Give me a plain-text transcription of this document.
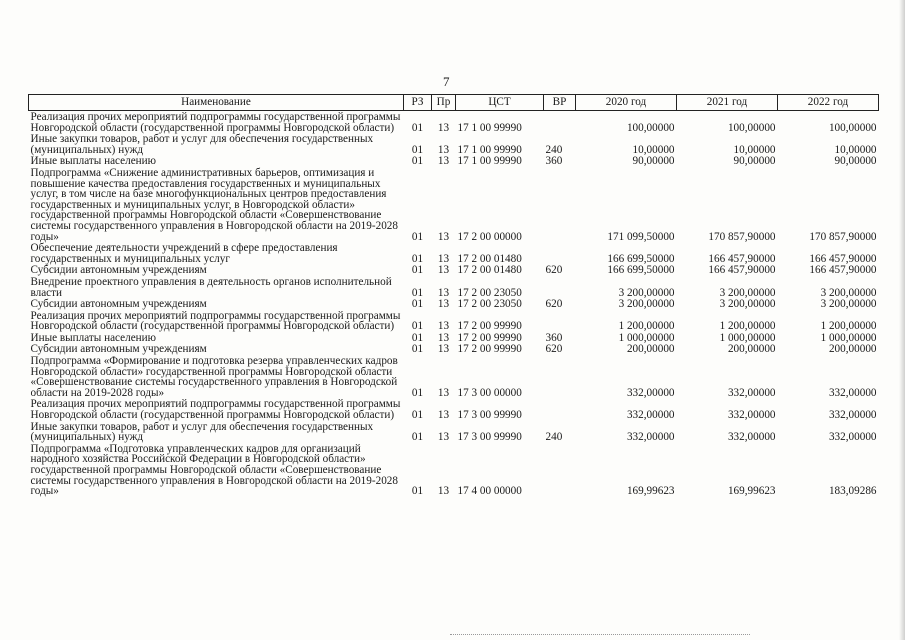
7
Наименование	РЗ	Пр	ЦСТ	ВР	2020 год	2021 год	2022 год
Реализация прочих мероприятий подпрограммы государственной программы Новгородской области (государственной программы Новгородской области)	01	13	17 1 00 99990		100,00000	100,00000	100,00000
Иные закупки товаров, работ и услуг для обеспечения государственных (муниципальных) нужд	01	13	17 1 00 99990	240	10,00000	10,00000	10,00000
Иные выплаты населению	01	13	17 1 00 99990	360	90,00000	90,00000	90,00000
Подпрограмма «Снижение административных барьеров, оптимизация и повышение качества предоставления государственных и муниципальных услуг, в том числе на базе многофункциональных центров предоставления государственных и муниципальных услуг, в Новгородской области» государственной программы Новгородской области «Совершенствование системы государственного управления в Новгородской области на 2019-2028 годы»	01	13	17 2 00 00000		171 099,50000	170 857,90000	170 857,90000
Обеспечение деятельности учреждений в сфере предоставления государственных и муниципальных услуг	01	13	17 2 00 01480		166 699,50000	166 457,90000	166 457,90000
Субсидии автономным учреждениям	01	13	17 2 00 01480	620	166 699,50000	166 457,90000	166 457,90000
Внедрение проектного управления в деятельность органов исполнительной власти	01	13	17 2 00 23050		3 200,00000	3 200,00000	3 200,00000
Субсидии автономным учреждениям	01	13	17 2 00 23050	620	3 200,00000	3 200,00000	3 200,00000
Реализация прочих мероприятий подпрограммы государственной программы Новгородской области (государственной программы Новгородской области)	01	13	17 2 00 99990		1 200,00000	1 200,00000	1 200,00000
Иные выплаты населению	01	13	17 2 00 99990	360	1 000,00000	1 000,00000	1 000,00000
Субсидии автономным учреждениям	01	13	17 2 00 99990	620	200,00000	200,00000	200,00000
Подпрограмма «Формирование и подготовка резерва управленческих кадров Новгородской области» государственной программы Новгородской области «Совершенствование системы государственного управления в Новгородской области на 2019-2028 годы»	01	13	17 3 00 00000		332,00000	332,00000	332,00000
Реализация прочих мероприятий подпрограммы государственной программы Новгородской области (государственной программы Новгородской области)	01	13	17 3 00 99990		332,00000	332,00000	332,00000
Иные закупки товаров, работ и услуг для обеспечения государственных (муниципальных) нужд	01	13	17 3 00 99990	240	332,00000	332,00000	332,00000
Подпрограмма «Подготовка управленческих кадров для организаций народного хозяйства Российской Федерации в Новгородской области» государственной программы Новгородской области «Совершенствование системы государственного управления в Новгородской области на 2019-2028 годы»	01	13	17 4 00 00000		169,99623	169,99623	183,09286
